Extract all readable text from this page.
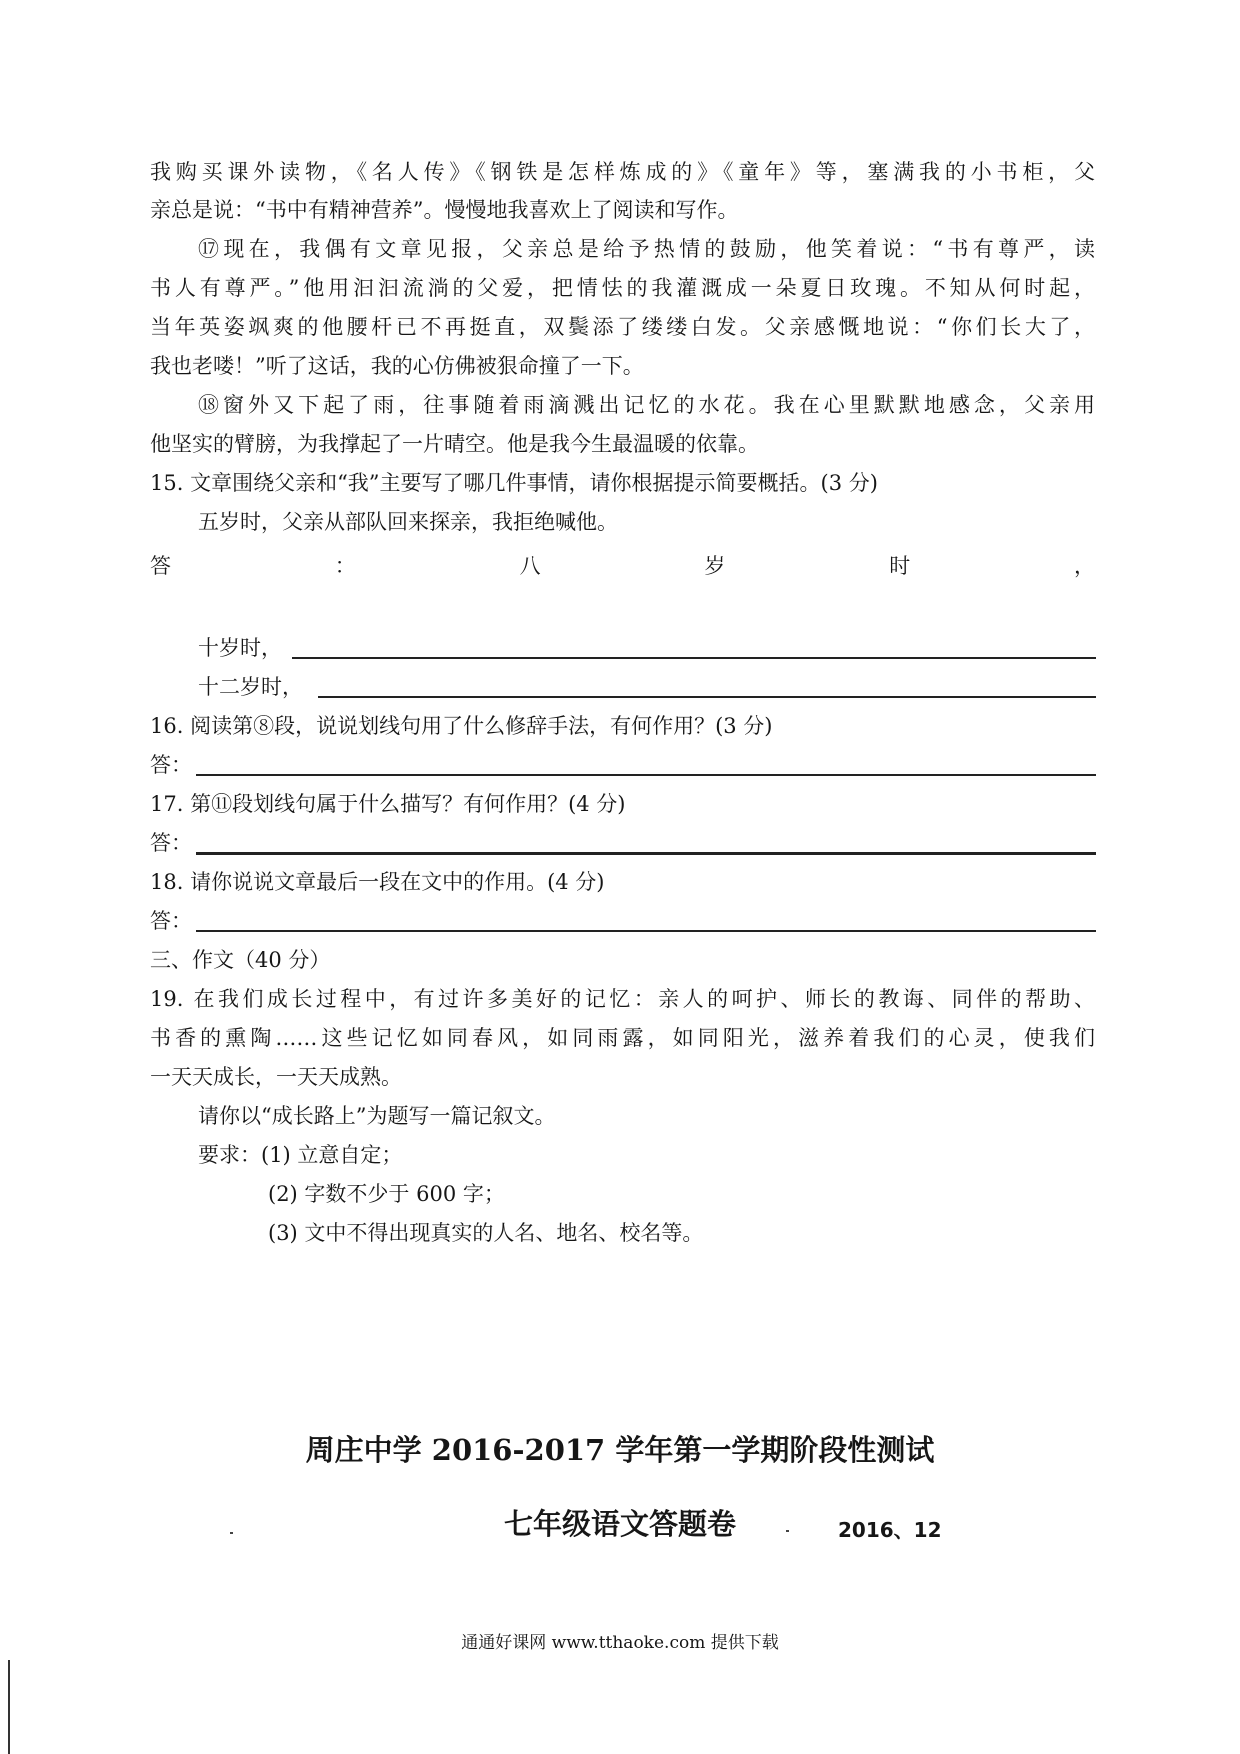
我购买课外读物，《名人传》《钢铁是怎样炼成的》《童年》等，塞满我的小书柜，父
亲总是说：“书中有精神营养”。慢慢地我喜欢上了阅读和写作。
⑰现在，我偶有文章见报，父亲总是给予热情的鼓励，他笑着说：“书有尊严，读
书人有尊严。”他用汩汩流淌的父爱，把情怯的我灌溉成一朵夏日玫瑰。不知从何时起，
当年英姿飒爽的他腰杆已不再挺直，双鬓添了缕缕白发。父亲感慨地说：“你们长大了，
我也老喽！”听了这话，我的心仿佛被狠命撞了一下。
⑱窗外又下起了雨，往事随着雨滴溅出记忆的水花。我在心里默默地感念，父亲用
他坚实的臂膀，为我撑起了一片晴空。他是我今生最温暖的依靠。
15. 文章围绕父亲和“我”主要写了哪几件事情，请你根据提示简要概括。(3 分)
五岁时，父亲从部队回来探亲，我拒绝喊他。
答	：	八	岁	时	，
十岁时，
十二岁时，
16. 阅读第⑧段，说说划线句用了什么修辞手法，有何作用？(3 分)
答：
17. 第⑪段划线句属于什么描写？有何作用？(4 分)
答：
18. 请你说说文章最后一段在文中的作用。(4 分)
答：
三、作文（40 分）
19. 在我们成长过程中，有过许多美好的记忆：亲人的呵护、师长的教诲、同伴的帮助、
书香的熏陶……这些记忆如同春风，如同雨露，如同阳光，滋养着我们的心灵，使我们
一天天成长，一天天成熟。
请你以“成长路上”为题写一篇记叙文。
要求：(1) 立意自定；
(2) 字数不少于 600 字；
(3) 文中不得出现真实的人名、地名、校名等。
周庄中学 2016-2017 学年第一学期阶段性测试
七年级语文答题卷	2016、12
通通好课网 www.tthaoke.com 提供下载
